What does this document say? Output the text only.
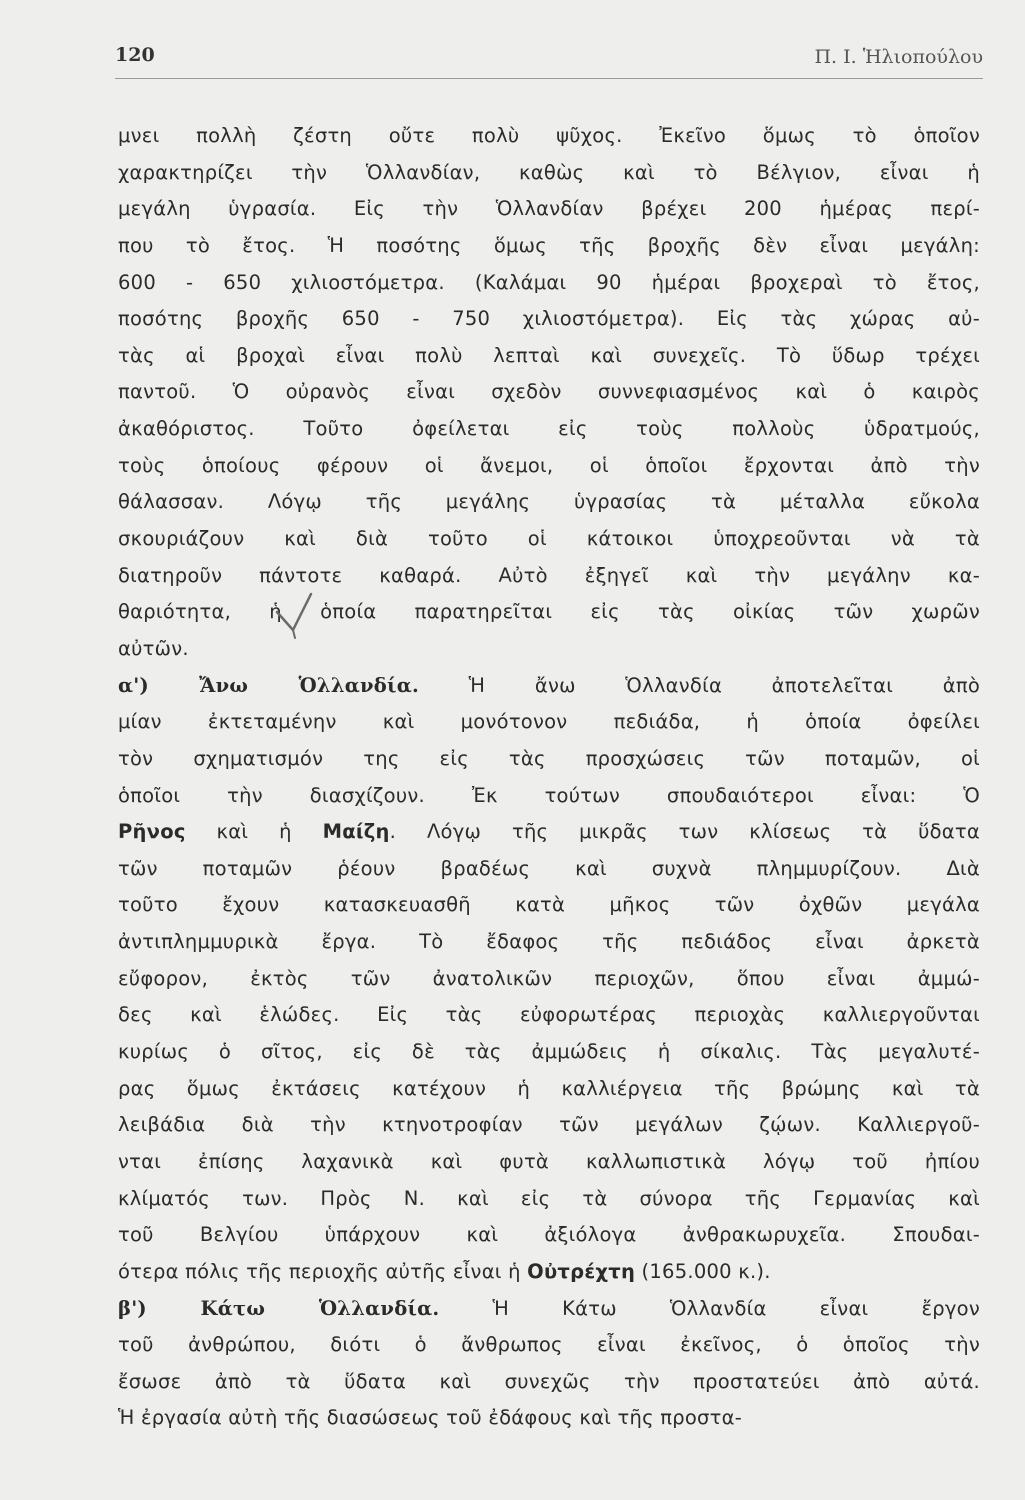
120	Π. Ι. Ἡλιοπούλου
μνει πολλὴ ζέστη οὔτε πολὺ ψῦχος. Ἐκεῖνο ὅμως τὸ ὁποῖον
χαρακτηρίζει τὴν Ὁλλανδίαν, καθὼς καὶ τὸ Βέλγιον, εἶναι ἡ
μεγάλη ὑγρασία. Εἰς τὴν Ὁλλανδίαν βρέχει 200 ἡμέρας περί-
που τὸ ἔτος. Ἡ ποσότης ὅμως τῆς βροχῆς δὲν εἶναι μεγάλη:
600 - 650 χιλιοστόμετρα. (Καλάμαι 90 ἡμέραι βροχεραὶ τὸ ἔτος,
ποσότης βροχῆς 650 - 750 χιλιοστόμετρα). Εἰς τὰς χώρας αὐ-
τὰς αἱ βροχαὶ εἶναι πολὺ λεπταὶ καὶ συνεχεῖς. Τὸ ὕδωρ τρέχει
παντοῦ. Ὁ οὐρανὸς εἶναι σχεδὸν συννεφιασμένος καὶ ὁ καιρὸς
ἀκαθόριστος. Τοῦτο ὀφείλεται εἰς τοὺς πολλοὺς ὑδρατμούς,
τοὺς ὁποίους φέρουν οἱ ἄνεμοι, οἱ ὁποῖοι ἔρχονται ἀπὸ τὴν
θάλασσαν. Λόγῳ τῆς μεγάλης ὑγρασίας τὰ μέταλλα εὔκολα
σκουριάζουν καὶ διὰ τοῦτο οἱ κάτοικοι ὑποχρεοῦνται νὰ τὰ
διατηροῦν πάντοτε καθαρά. Αὐτὸ ἐξηγεῖ καὶ τὴν μεγάλην κα-
θαριότητα, ἡ ὁποία παρατηρεῖται εἰς τὰς οἰκίας τῶν χωρῶν
αὐτῶν.
α') Ἄνω Ὁλλανδία. Ἡ ἄνω Ὁλλανδία ἀποτελεῖται ἀπὸ
μίαν ἐκτεταμένην καὶ μονότονον πεδιάδα, ἡ ὁποία ὀφείλει
τὸν σχηματισμόν της εἰς τὰς προσχώσεις τῶν ποταμῶν, οἱ
ὁποῖοι τὴν διασχίζουν. Ἐκ τούτων σπουδαιότεροι εἶναι: Ὁ
Ρῆνος καὶ ἡ Μαίζη. Λόγῳ τῆς μικρᾶς των κλίσεως τὰ ὕδατα
τῶν ποταμῶν ῥέουν βραδέως καὶ συχνὰ πλημμυρίζουν. Διὰ
τοῦτο ἔχουν κατασκευασθῆ κατὰ μῆκος τῶν ὀχθῶν μεγάλα
ἀντιπλημμυρικὰ ἔργα. Τὸ ἔδαφος τῆς πεδιάδος εἶναι ἀρκετὰ
εὔφορον, ἐκτὸς τῶν ἀνατολικῶν περιοχῶν, ὅπου εἶναι ἀμμώ-
δες καὶ ἑλώδες. Εἰς τὰς εὐφορωτέρας περιοχὰς καλλιεργοῦνται
κυρίως ὁ σῖτος, εἰς δὲ τὰς ἀμμώδεις ἡ σίκαλις. Τὰς μεγαλυτέ-
ρας ὅμως ἐκτάσεις κατέχουν ἡ καλλιέργεια τῆς βρώμης καὶ τὰ
λειβάδια διὰ τὴν κτηνοτροφίαν τῶν μεγάλων ζῴων. Καλλιεργοῦ-
νται ἐπίσης λαχανικὰ καὶ φυτὰ καλλωπιστικὰ λόγῳ τοῦ ἠπίου
κλίματός των. Πρὸς Ν. καὶ εἰς τὰ σύνορα τῆς Γερμανίας καὶ
τοῦ Βελγίου ὑπάρχουν καὶ ἀξιόλογα ἀνθρακωρυχεῖα. Σπουδαι-
ότερα πόλις τῆς περιοχῆς αὐτῆς εἶναι ἡ Οὐτρέχτη (165.000 κ.).
β') Κάτω Ὁλλανδία. Ἡ Κάτω Ὁλλανδία εἶναι ἔργον
τοῦ ἀνθρώπου, διότι ὁ ἄνθρωπος εἶναι ἐκεῖνος, ὁ ὁποῖος τὴν
ἔσωσε ἀπὸ τὰ ὕδατα καὶ συνεχῶς τὴν προστατεύει ἀπὸ αὐτά.
Ἡ ἐργασία αὐτὴ τῆς διασώσεως τοῦ ἐδάφους καὶ τῆς προστα-
